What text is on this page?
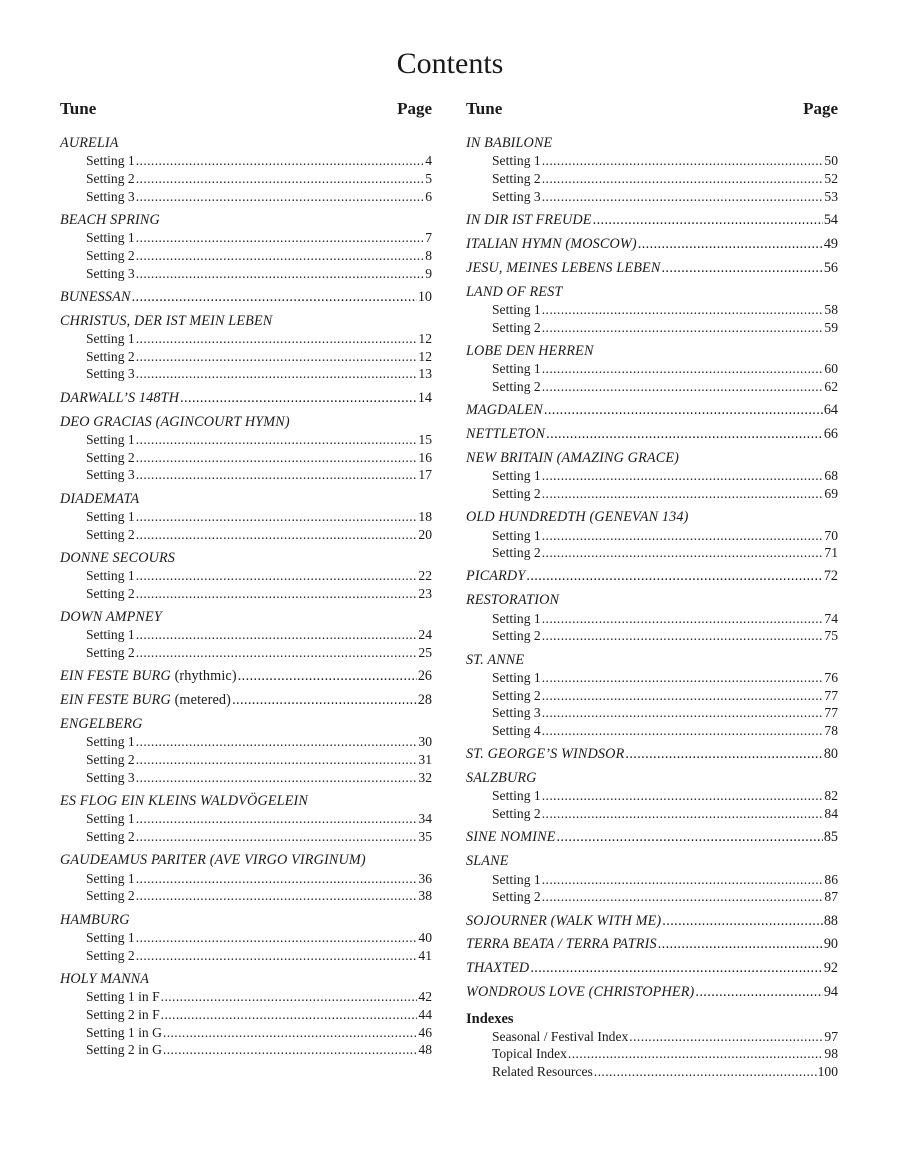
Contents
Tune	Page
AURELIA
Setting 1 .....	4
Setting 2 .....	5
Setting 3 .....	6
BEACH SPRING
Setting 1 .....	7
Setting 2 .....	8
Setting 3 .....	9
BUNESSAN .....	10
CHRISTUS, DER IST MEIN LEBEN
Setting 1 .....	12
Setting 2 .....	12
Setting 3 .....	13
DARWALL’S 148TH .....	14
DEO GRACIAS (AGINCOURT HYMN)
Setting 1 .....	15
Setting 2 .....	16
Setting 3 .....	17
DIADEMATA
Setting 1 .....	18
Setting 2 .....	20
DONNE SECOURS
Setting 1 .....	22
Setting 2 .....	23
DOWN AMPNEY
Setting 1 .....	24
Setting 2 .....	25
EIN FESTE BURG (rhythmic) .....	26
EIN FESTE BURG (metered) .....	28
ENGELBERG
Setting 1 .....	30
Setting 2 .....	31
Setting 3 .....	32
ES FLOG EIN KLEINS WALDVÖGELEIN
Setting 1 .....	34
Setting 2 .....	35
GAUDEAMUS PARITER (AVE VIRGO VIRGINUM)
Setting 1 .....	36
Setting 2 .....	38
HAMBURG
Setting 1 .....	40
Setting 2 .....	41
HOLY MANNA
Setting 1 in F .....	42
Setting 2 in F .....	44
Setting 1 in G .....	46
Setting 2 in G .....	48
Tune	Page
IN BABILONE
Setting 1 .....	50
Setting 2 .....	52
Setting 3 .....	53
IN DIR IST FREUDE .....	54
ITALIAN HYMN (MOSCOW) .....	49
JESU, MEINES LEBENS LEBEN .....	56
LAND OF REST
Setting 1 .....	58
Setting 2 .....	59
LOBE DEN HERREN
Setting 1 .....	60
Setting 2 .....	62
MAGDALEN .....	64
NETTLETON .....	66
NEW BRITAIN (AMAZING GRACE)
Setting 1 .....	68
Setting 2 .....	69
OLD HUNDREDTH (GENEVAN 134)
Setting 1 .....	70
Setting 2 .....	71
PICARDY .....	72
RESTORATION
Setting 1 .....	74
Setting 2 .....	75
ST. ANNE
Setting 1 .....	76
Setting 2 .....	77
Setting 3 .....	77
Setting 4 .....	78
ST. GEORGE’S WINDSOR .....	80
SALZBURG
Setting 1 .....	82
Setting 2 .....	84
SINE NOMINE .....	85
SLANE
Setting 1 .....	86
Setting 2 .....	87
SOJOURNER (WALK WITH ME) .....	88
TERRA BEATA / TERRA PATRIS .....	90
THAXTED .....	92
WONDROUS LOVE (CHRISTOPHER) .....	94
Indexes
Seasonal / Festival Index .....	97
Topical Index .....	98
Related Resources .....	100
